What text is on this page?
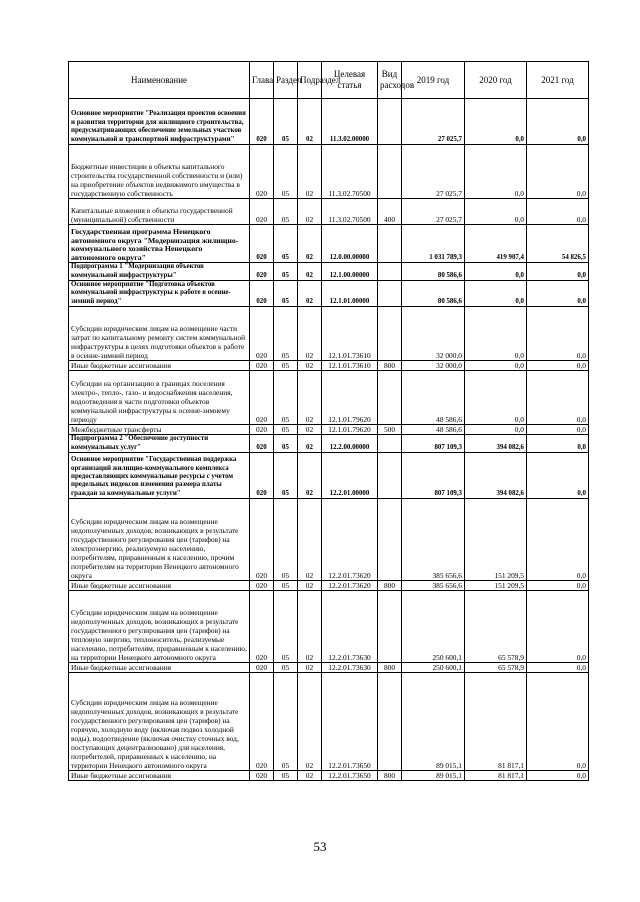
Наименование	Глава	Раздел	Подраздел	Целевая статья	Вид расходов	2019 год	2020 год	2021 год
Основное мероприятие "Реализация проектов освоения и развития территории для жилищного строительства, предусматривающих обеспечение земельных участков коммунальной и транспортной инфраструктурами"	020	05	02	11.3.02.00000		27 025,7	0,0	0,0
Бюджетные инвестиции в объекты капитального строительства государственной собственности и (или) на приобретение объектов недвижимого имущества в государственную собственность	020	05	02	11.3.02.70500		27 025,7	0,0	0,0
Капитальные вложения в объекты государственной (муниципальной) собственности	020	05	02	11.3.02.70500	400	27 025,7	0,0	0,0
Государственная программа Ненецкого автономного округа "Модернизация жилищно-коммунального хозяйства Ненецкого автономного округа"	020	05	02	12.0.00.00000		1 031 789,3	419 907,4	54 826,5
Подпрограмма 1 "Модернизация объектов коммунальной инфраструктуры"	020	05	02	12.1.00.00000		80 586,6	0,0	0,0
Основное мероприятие "Подготовка объектов коммунальной инфраструктуры к работе в осенне-зимний период"	020	05	02	12.1.01.00000		80 586,6	0,0	0,0
Субсидии юридическим лицам на возмещение части затрат по капитальному ремонту систем коммунальной инфраструктуры в целях подготовки объектов к работе в осенне-зимний период	020	05	02	12.1.01.73610		32 000,0	0,0	0,0
Иные бюджетные ассигнования	020	05	02	12.1.01.73610	800	32 000,0	0,0	0,0
Субсидии на организацию в границах поселения электро-, тепло-, газо- и водоснабжения населения, водоотведения в части подготовки объектов коммунальной инфраструктуры к осенне-зимнему периоду	020	05	02	12.1.01.79620		48 586,6	0,0	0,0
Межбюджетные трансферты	020	05	02	12.1.01.79620	500	48 586,6	0,0	0,0
Подпрограмма 2 "Обеспечение доступности коммунальных услуг"	020	05	02	12.2.00.00000		807 109,3	394 082,6	0,0
Основное мероприятие "Государственная поддержка организаций жилищно-коммунального комплекса предоставляющих коммунальные ресурсы с учетом предельных индексов изменения размера платы граждан за коммунальные услуги"	020	05	02	12.2.01.00000		807 109,3	394 082,6	0,0
Субсидии юридическим лицам на возмещение недополученных доходов, возникающих в результате государственного регулирования цен (тарифов) на электроэнергию, реализуемую населению, потребителям, приравненным к населению, прочим потребителям на территории Ненецкого автономного округа	020	05	02	12.2.01.73620		385 656,6	151 209,5	0,0
Иные бюджетные ассигнования	020	05	02	12.2.01.73620	800	385 656,6	151 209,5	0,0
Субсидии юридическим лицам на возмещение недополученных доходов, возникающих в результате государственного регулирования цен (тарифов) на тепловую энергию, теплоноситель, реализуемые населению, потребителям, приравненным к населению, на территории Ненецкого автономного округа	020	05	02	12.2.01.73630		250 600,1	65 578,9	0,0
Иные бюджетные ассигнования	020	05	02	12.2.01.73630	800	250 600,1	65 578,9	0,0
Субсидии юридическим лицам на возмещение недополученных доходов, возникающих в результате государственного регулирования цен (тарифов) на горячую, холодную воду (включая подвоз холодной воды), водоотведение (включая очистку сточных вод, поступающих децентрализовано) для населения, потребителей, приравненных к населению, на территории Ненецкого автономного округа	020	05	02	12.2.01.73650		89 015,1	81 817,1	0,0
Иные бюджетные ассигнования	020	05	02	12.2.01.73650	800	89 015,1	81 817,1	0,0
53
